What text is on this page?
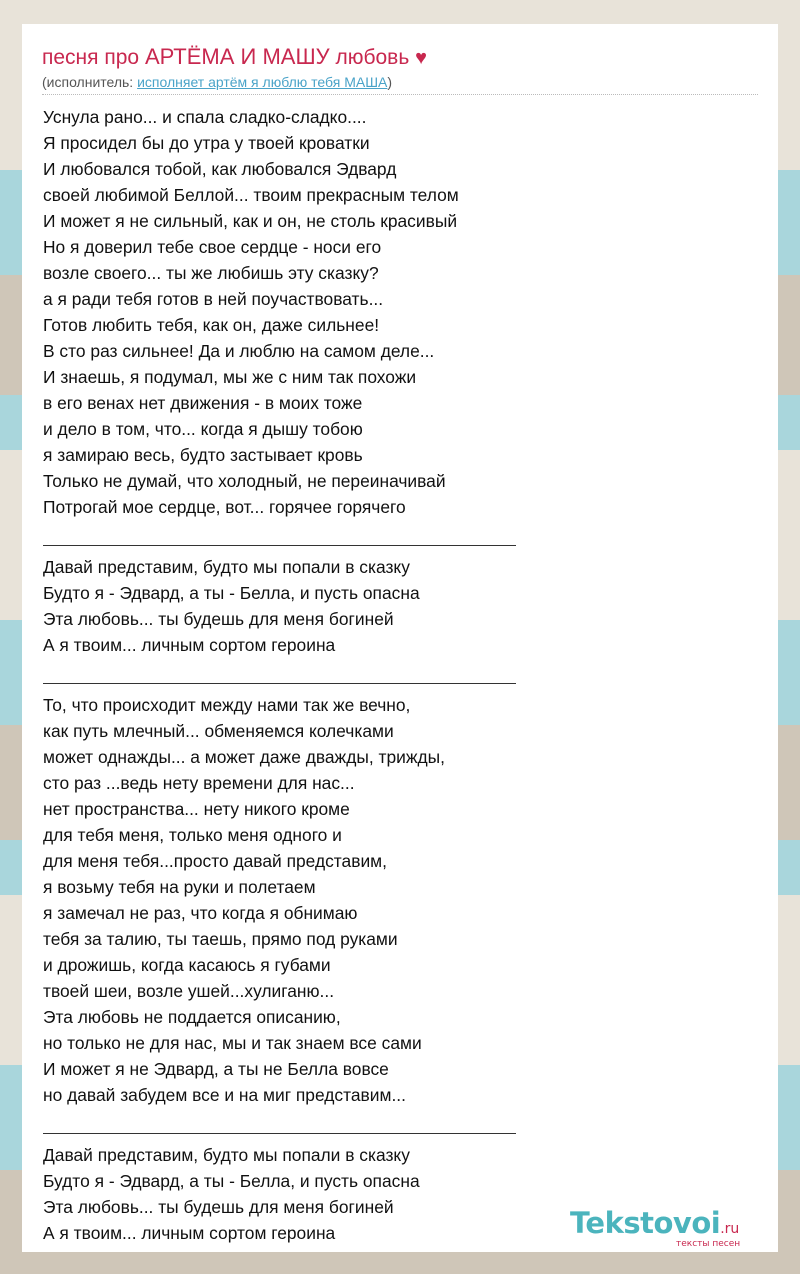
песня про АРТЁМА И МАШУ любовь ♥
(исполнитель: исполняет артём я люблю тебя МАША)
Уснула рано... и спала сладко-сладко....
Я просидел бы до утра у твоей кроватки
И любовался тобой, как любовался Эдвард
своей любимой Беллой... твоим прекрасным телом
И может я не сильный, как и он, не столь красивый
Но я доверил тебе свое сердце - носи его
возле своего... ты же любишь эту сказку?
а я ради тебя готов в ней поучаствовать...
Готов любить тебя, как он, даже сильнее!
В сто раз сильнее! Да и люблю на самом деле...
И знаешь, я подумал, мы же с ним так похожи
в его венах нет движения - в моих тоже
и дело в том, что... когда я дышу тобою
я замираю весь, будто застывает кровь
Только не думай, что холодный, не переиначивай
Потрогай мое сердце, вот... горячее горячего
Давай представим, будто мы попали в сказку
Будто я - Эдвард, а ты - Белла, и пусть опасна
Эта любовь... ты будешь для меня богиней
А я твоим... личным сортом героина
То, что происходит между нами так же вечно,
как путь млечный... обменяемся колечками
может однажды... а может даже дважды, трижды,
сто раз ...ведь нету времени для нас...
нет пространства... нету никого кроме
для тебя меня, только меня одного и
для меня тебя...просто давай представим,
я возьму тебя на руки и полетаем
я замечал не раз, что когда я обнимаю
тебя за талию, ты таешь, прямо под руками
и дрожишь, когда касаюсь я губами
твоей шеи, возле ушей...хулиганю...
Эта любовь не поддается описанию,
но только не для нас, мы и так знаем все сами
И может я не Эдвард, а ты не Белла вовсе
но давай забудем все и на миг представим...
Давай представим, будто мы попали в сказку
Будто я - Эдвард, а ты - Белла, и пусть опасна
Эта любовь... ты будешь для меня богиней
А я твоим... личным сортом героина	Tekstovoi.ru
тексты песен
